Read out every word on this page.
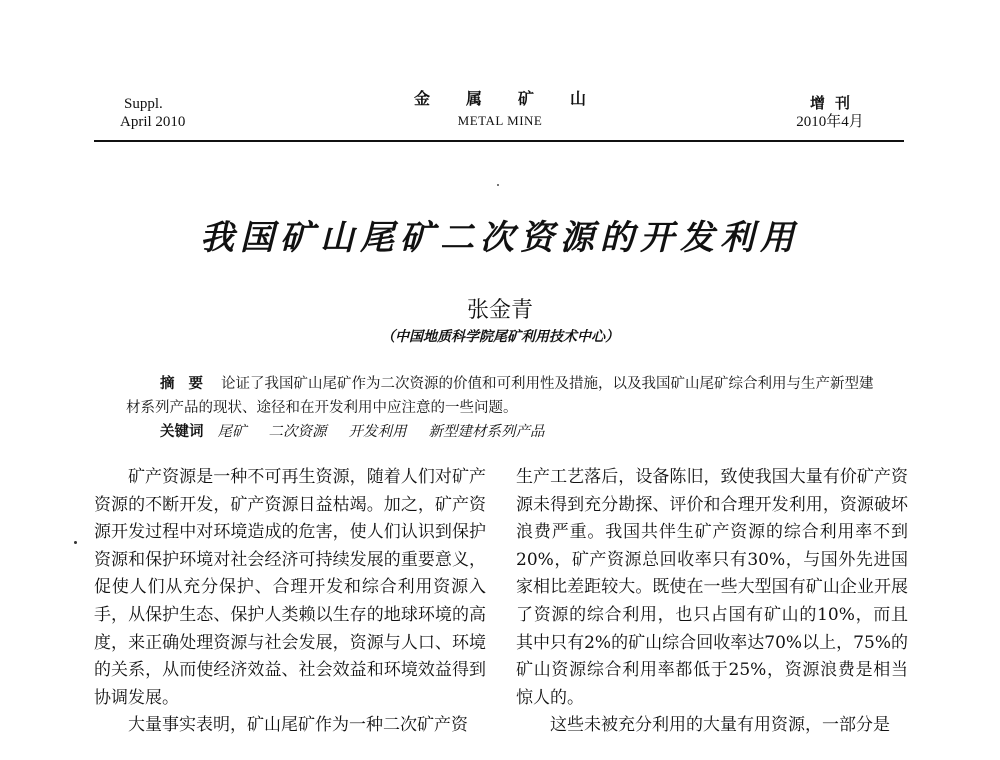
Suppl.
April 2010
金属矿山
METAL MINE
增刊
2010年4月
我国矿山尾矿二次资源的开发利用
张金青
（中国地质科学院尾矿利用技术中心）
摘要 论证了我国矿山尾矿作为二次资源的价值和可利用性及措施，以及我国矿山尾矿综合利用与生产新型建材系列产品的现状、途径和在开发利用中应注意的一些问题。
关键词 尾矿 二次资源 开发利用 新型建材系列产品
矿产资源是一种不可再生资源，随着人们对矿产资源的不断开发，矿产资源日益枯竭。加之，矿产资源开发过程中对环境造成的危害，使人们认识到保护资源和保护环境对社会经济可持续发展的重要意义，促使人们从充分保护、合理开发和综合利用资源入手，从保护生态、保护人类赖以生存的地球环境的高度，来正确处理资源与社会发展，资源与人口、环境的关系，从而使经济效益、社会效益和环境效益得到协调发展。
大量事实表明，矿山尾矿作为一种二次矿产资
生产工艺落后，设备陈旧，致使我国大量有价矿产资源未得到充分勘探、评价和合理开发利用，资源破坏浪费严重。我国共伴生矿产资源的综合利用率不到20%，矿产资源总回收率只有30%，与国外先进国家相比差距较大。既使在一些大型国有矿山企业开展了资源的综合利用，也只占国有矿山的10%，而且其中只有2%的矿山综合回收率达70%以上，75%的矿山资源综合利用率都低于25%，资源浪费是相当惊人的。
这些未被充分利用的大量有用资源，一部分是
